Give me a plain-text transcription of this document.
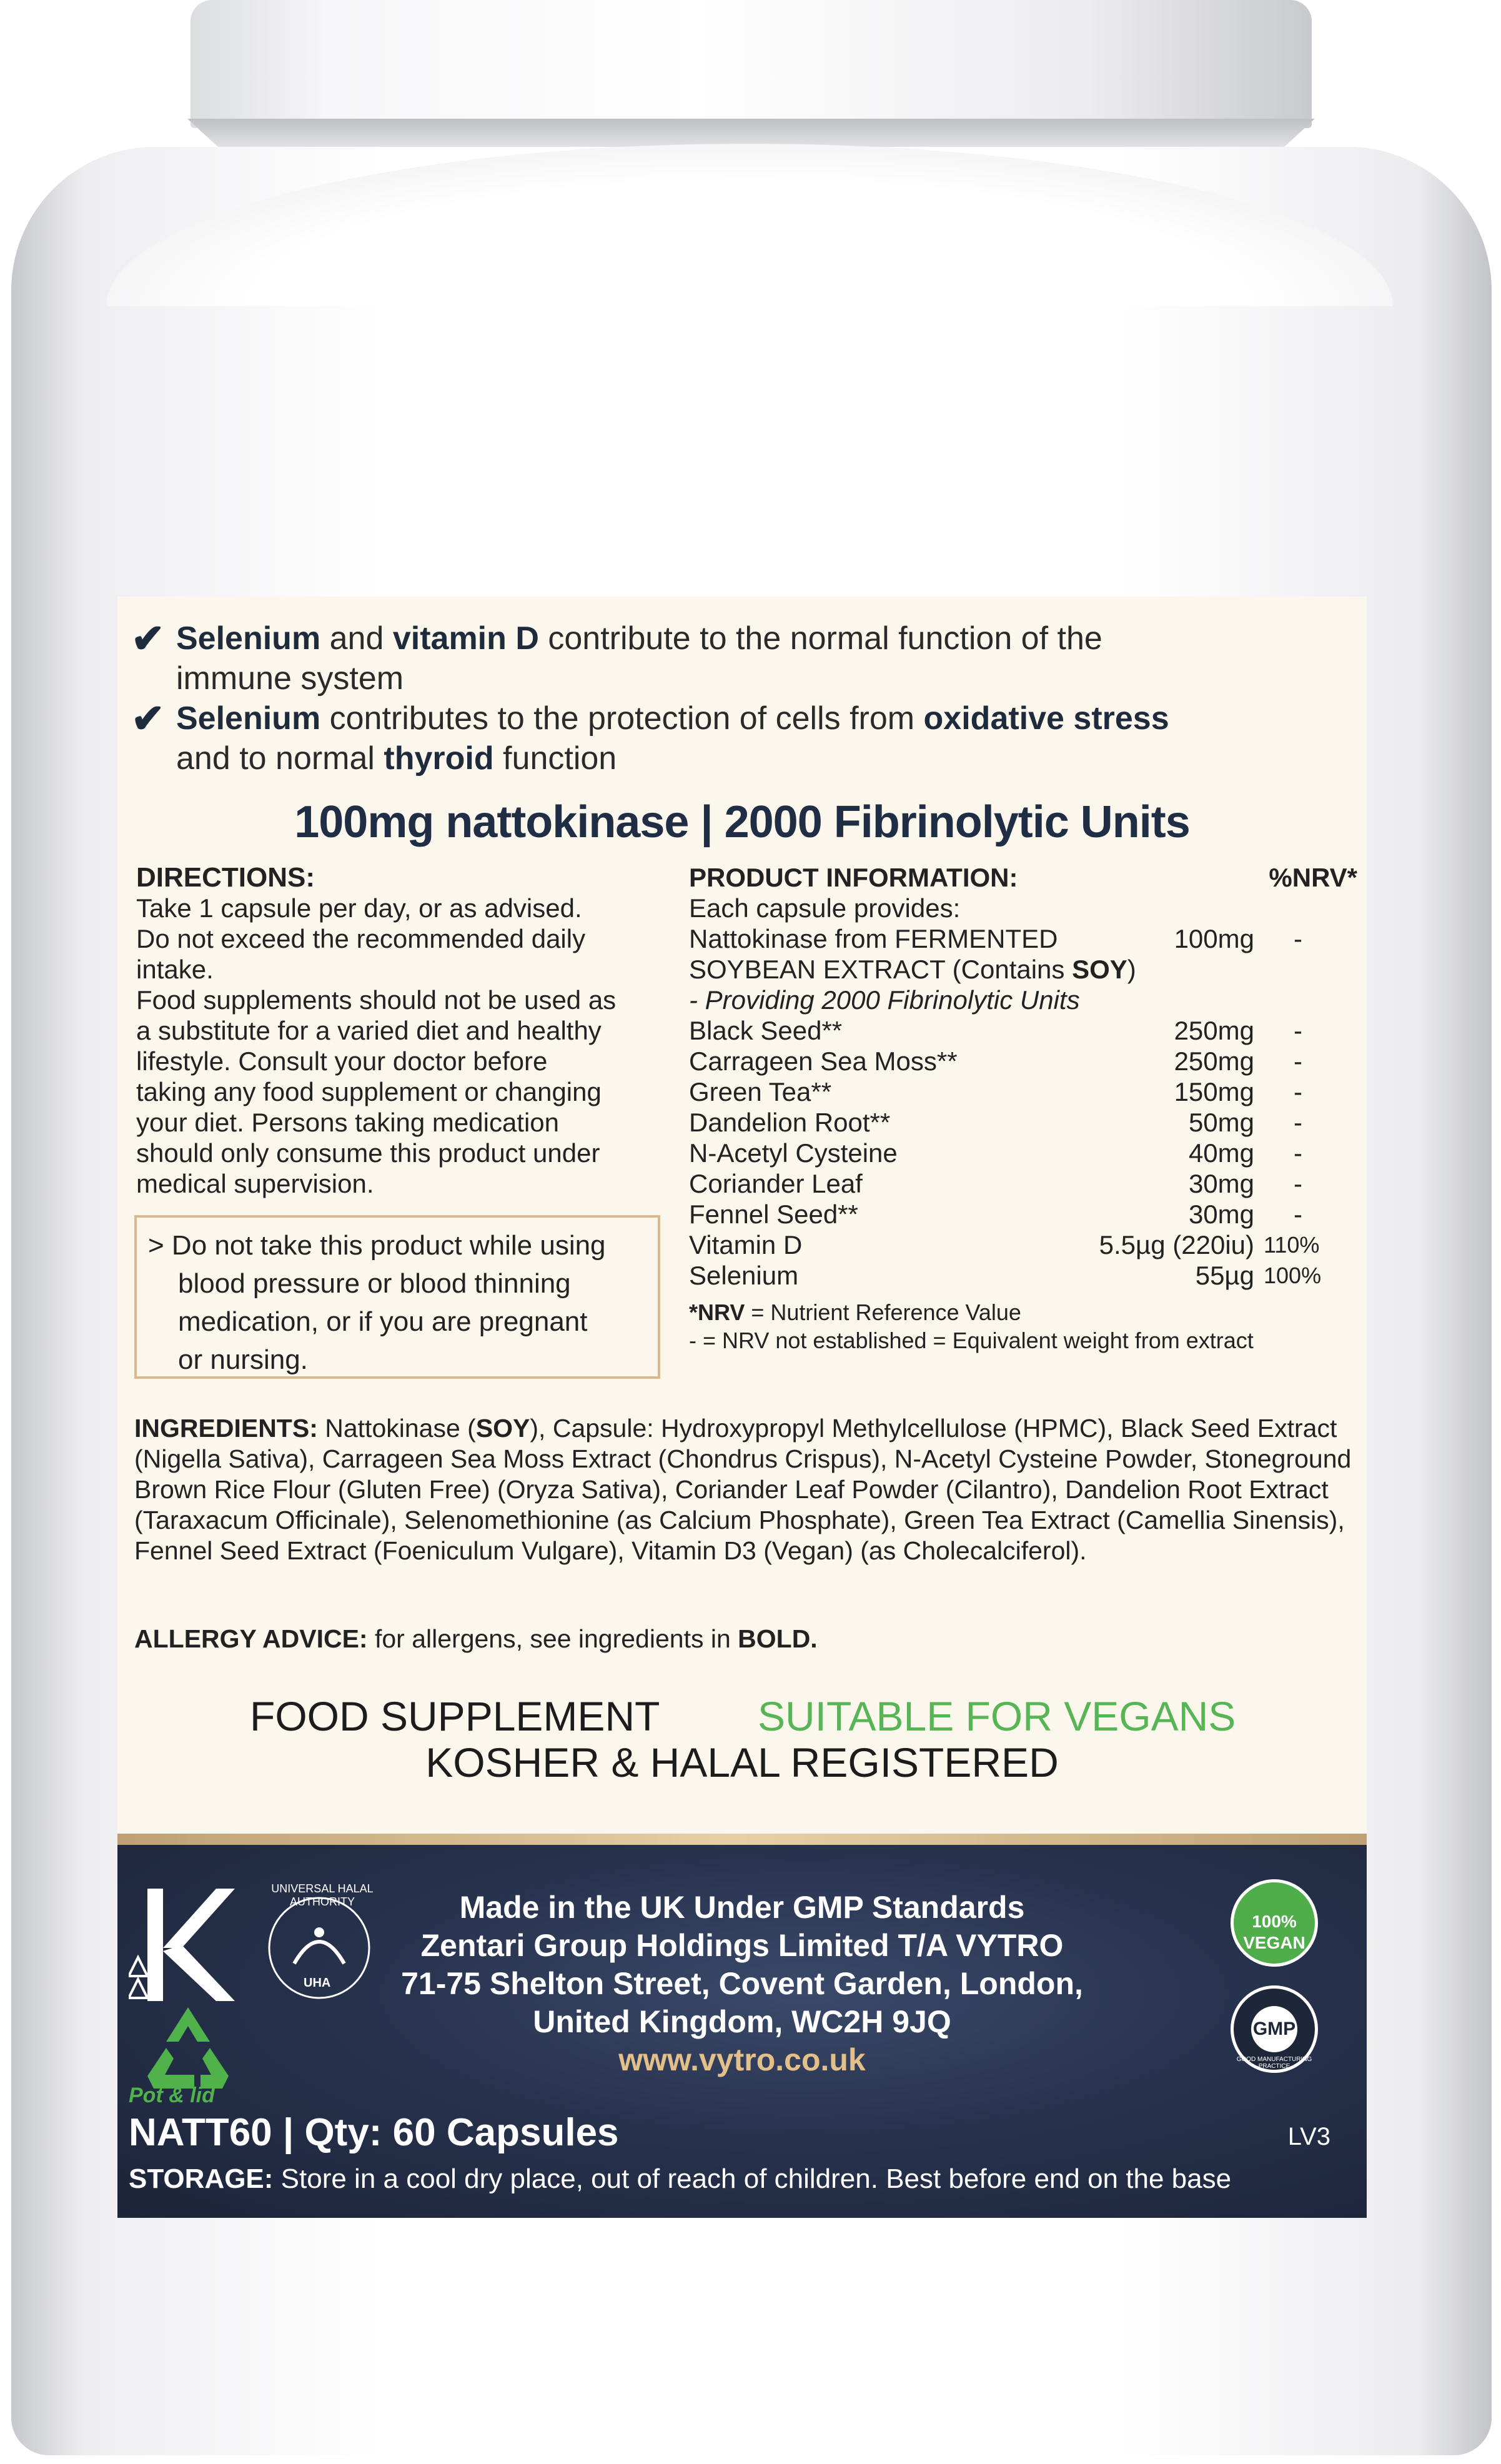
✔ Selenium and vitamin D contribute to the normal function of the
immune system
✔ Selenium contributes to the protection of cells from oxidative stress
and to normal thyroid function
100mg nattokinase | 2000 Fibrinolytic Units
DIRECTIONS:
Take 1 capsule per day, or as advised.
Do not exceed the recommended daily
intake.
Food supplements should not be used as
a substitute for a varied diet and healthy
lifestyle. Consult your doctor before
taking any food supplement or changing
your diet. Persons taking medication
should only consume this product under
medical supervision.
> Do not take this product while using
blood pressure or blood thinning
medication, or if you are pregnant
or nursing.
PRODUCT INFORMATION:	%NRV*
Each capsule provides:
Nattokinase from FERMENTED	100mg -
SOYBEAN EXTRACT (Contains SOY)
- Providing 2000 Fibrinolytic Units
Black Seed**	250mg -
Carrageen Sea Moss**	250mg -
Green Tea**	150mg -
Dandelion Root**	50mg -
N-Acetyl Cysteine	40mg -
Coriander Leaf	30mg -
Fennel Seed**	30mg -
Vitamin D	5.5µg (220iu) 110%
Selenium	55µg 100%
*NRV = Nutrient Reference Value
- = NRV not established = Equivalent weight from extract
INGREDIENTS: Nattokinase (SOY), Capsule: Hydroxypropyl Methylcellulose (HPMC), Black Seed Extract (Nigella Sativa), Carrageen Sea Moss Extract (Chondrus Crispus), N-Acetyl Cysteine Powder, Stoneground Brown Rice Flour (Gluten Free) (Oryza Sativa), Coriander Leaf Powder (Cilantro), Dandelion Root Extract (Taraxacum Officinale), Selenomethionine (as Calcium Phosphate), Green Tea Extract (Camellia Sinensis), Fennel Seed Extract (Foeniculum Vulgare), Vitamin D3 (Vegan) (as Cholecalciferol).
ALLERGY ADVICE: for allergens, see ingredients in BOLD.
FOOD SUPPLEMENT SUITABLE FOR VEGANS
KOSHER & HALAL REGISTERED
UHA
UNIVERSAL HALAL AUTHORITY
Pot & lid
Made in the UK Under GMP Standards
Zentari Group Holdings Limited T/A VYTRO
71-75 Shelton Street, Covent Garden, London,
United Kingdom, WC2H 9JQ
www.vytro.co.uk
100%
VEGAN
GMP
GOOD MANUFACTURING PRACTICE
NATT60 | Qty: 60 Capsules	LV3
STORAGE: Store in a cool dry place, out of reach of children. Best before end on the base
